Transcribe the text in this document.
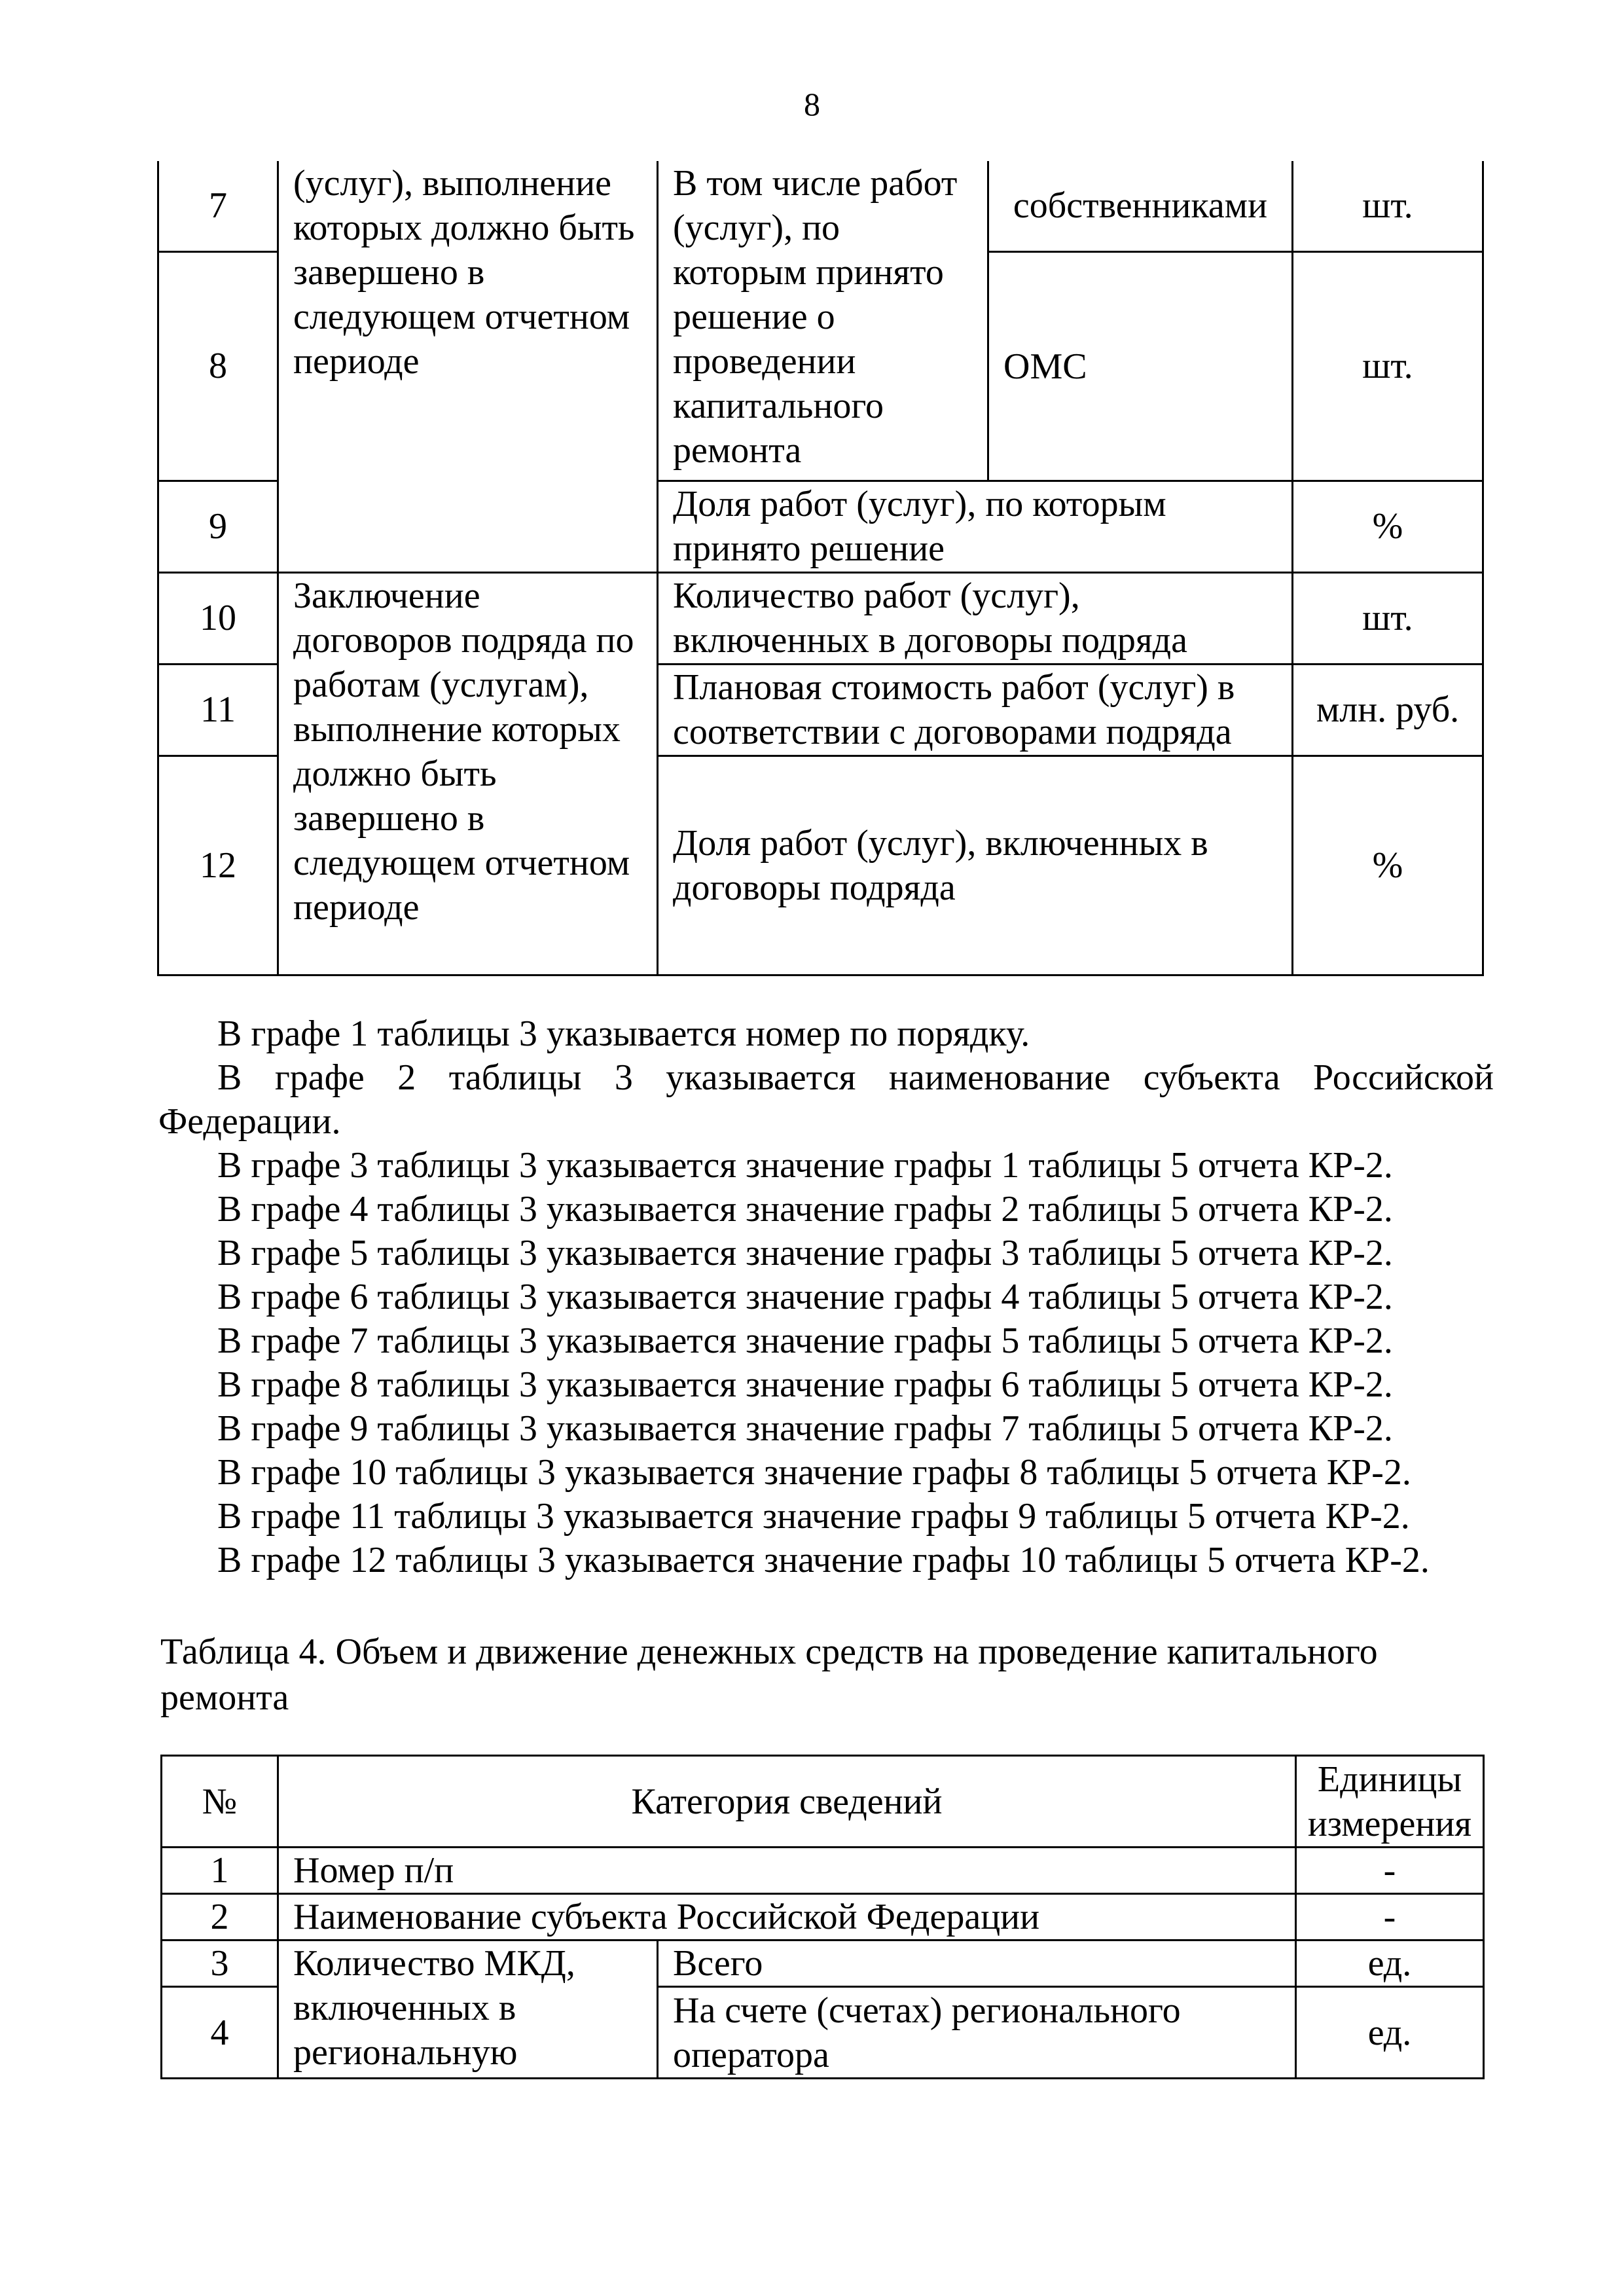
8
7	(услуг), выполнение которых должно быть завершено в следующем отчетном периоде	В том числе работ (услуг), по которым принято решение о проведении капитального ремонта	собственниками	шт.
8			ОМС	шт.
9		Доля работ (услуг), по которым принято решение		%
10	Заключение договоров подряда по работам (услугам), выполнение которых должно быть завершено в следующем отчетном периоде	Количество работ (услуг), включенных в договоры подряда		шт.
11		Плановая стоимость работ (услуг) в соответствии с договорами подряда		млн. руб.
12		Доля работ (услуг), включенных в договоры подряда		%

В графе 1 таблицы 3 указывается номер по порядку.

В графе 2 таблицы 3 указывается наименование субъекта Российской

Федерации.

В графе 3 таблицы 3 указывается значение графы 1 таблицы 5 отчета КР-2.

В графе 4 таблицы 3 указывается значение графы 2 таблицы 5 отчета КР-2.

В графе 5 таблицы 3 указывается значение графы 3 таблицы 5 отчета КР-2.

В графе 6 таблицы 3 указывается значение графы 4 таблицы 5 отчета КР-2.

В графе 7 таблицы 3 указывается значение графы 5 таблицы 5 отчета КР-2.

В графе 8 таблицы 3 указывается значение графы 6 таблицы 5 отчета КР-2.

В графе 9 таблицы 3 указывается значение графы 7 таблицы 5 отчета КР-2.

В графе 10 таблицы 3 указывается значение графы 8 таблицы 5 отчета КР-2.

В графе 11 таблицы 3 указывается значение графы 9 таблицы 5 отчета КР-2.

В графе 12 таблицы 3 указывается значение графы 10 таблицы 5 отчета КР-2.

Таблица 4. Объем и движение денежных средств на проведение капитального ремонта
№	Категория сведений		Единицы измерения
1	Номер п/п		-
2	Наименование субъекта Российской Федерации		-
3	Количество МКД, включенных в региональную	Всего	ед.
4		На счете (счетах) регионального оператора	ед.
